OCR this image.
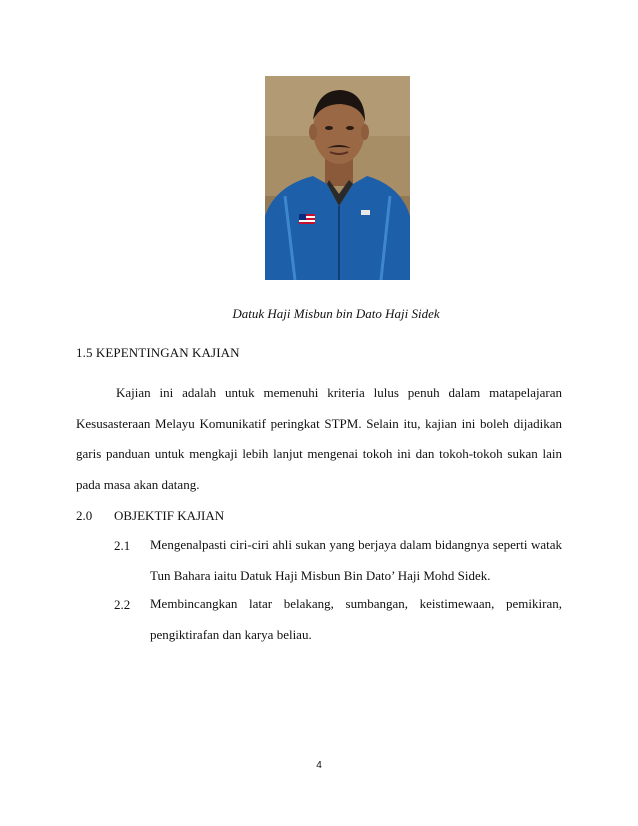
Datuk Haji Misbun bin Dato Haji Sidek
1.5 KEPENTINGAN KAJIAN

Kajian ini adalah untuk memenuhi kriteria lulus penuh dalam matapelajaran Kesusasteraan Melayu Komunikatif peringkat STPM. Selain itu, kajian ini boleh dijadikan garis panduan untuk mengkaji lebih lanjut mengenai tokoh ini dan tokoh-tokoh sukan lain pada masa akan datang.

2.0 OBJEKTIF KAJIAN
2.1 Mengenalpasti ciri-ciri ahli sukan yang berjaya dalam bidangnya seperti watak Tun Bahara iaitu Datuk Haji Misbun Bin Dato’ Haji Mohd Sidek.

2.2 Membincangkan latar belakang, sumbangan, keistimewaan, pemikiran, pengiktirafan dan karya beliau.

4
